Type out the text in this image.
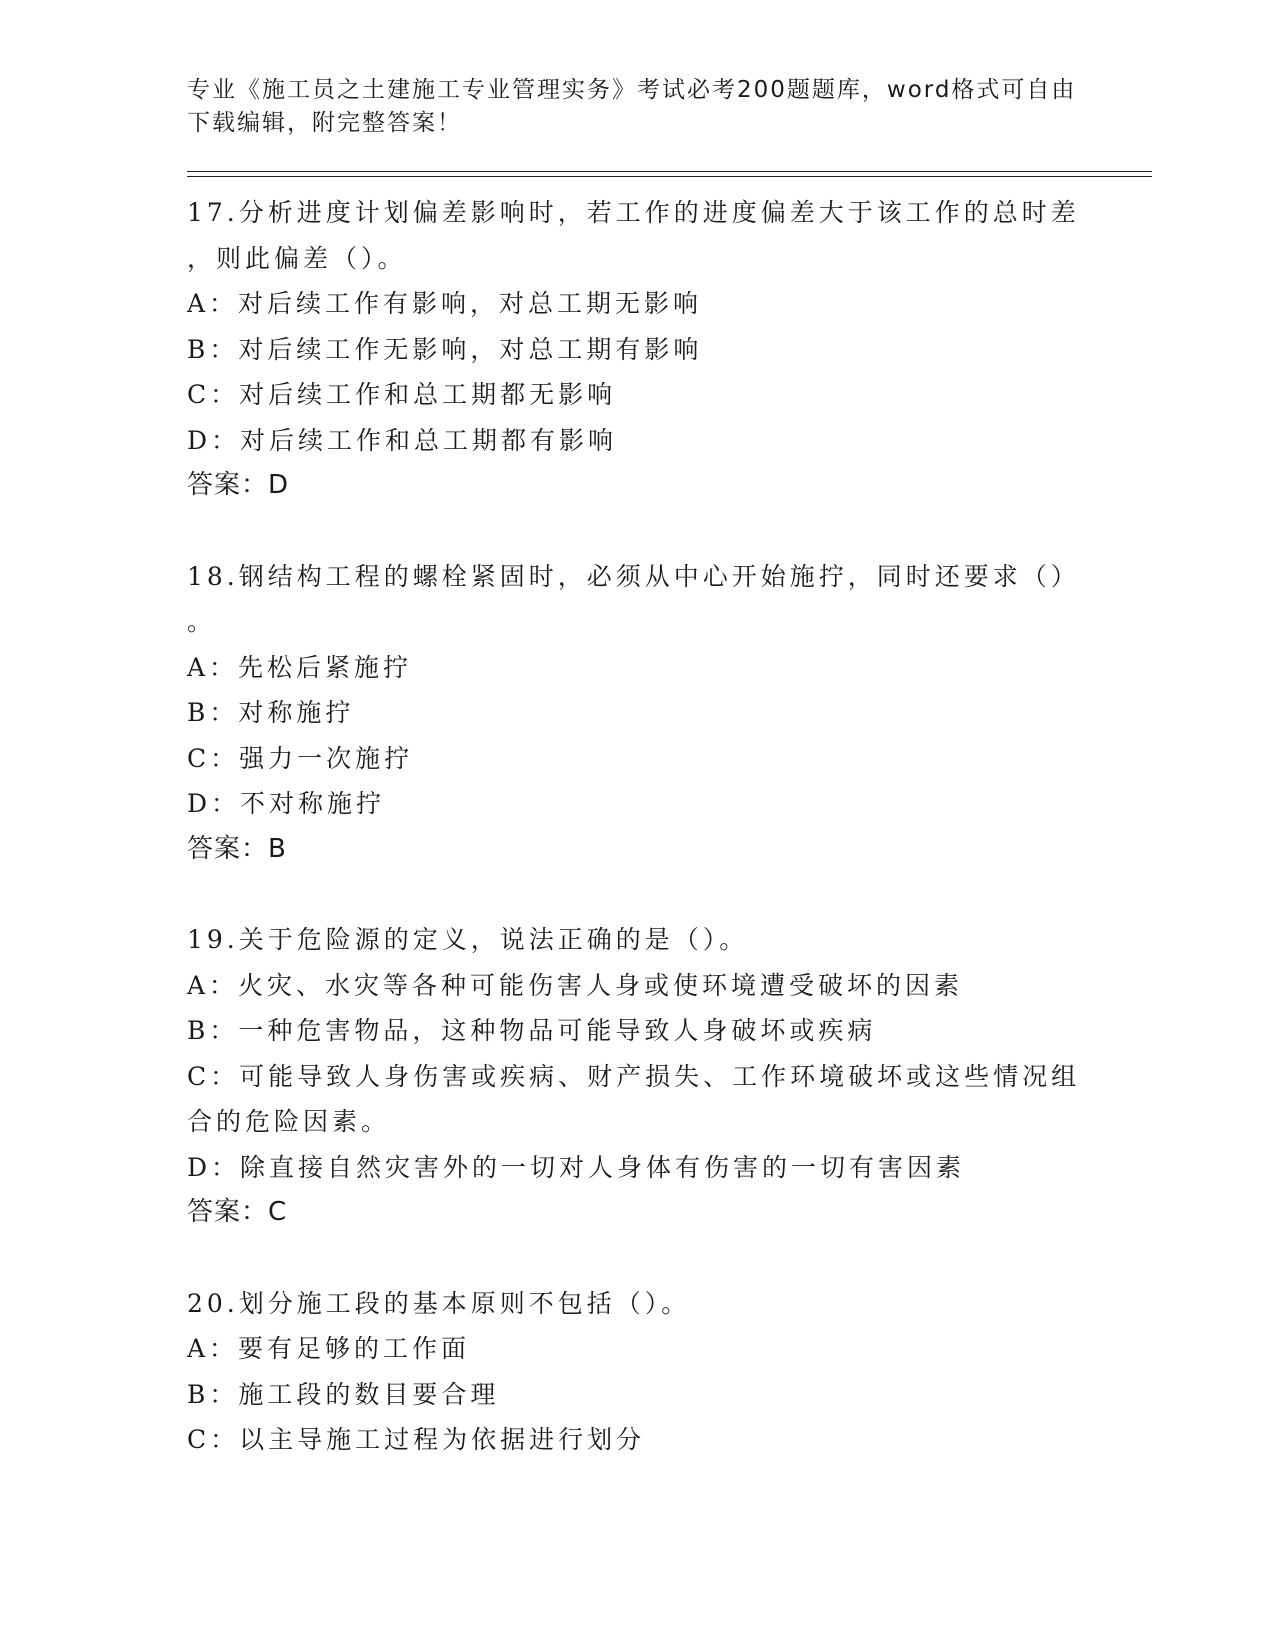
专业《施工员之土建施工专业管理实务》考试必考200题题库，word格式可自由
下载编辑，附完整答案！

17.分析进度计划偏差影响时，若工作的进度偏差大于该工作的总时差

，则此偏差（）。

A：对后续工作有影响，对总工期无影响

B：对后续工作无影响，对总工期有影响

C：对后续工作和总工期都无影响

D：对后续工作和总工期都有影响

答案：D

18.钢结构工程的螺栓紧固时，必须从中心开始施拧，同时还要求（）

。

A：先松后紧施拧

B：对称施拧

C：强力一次施拧

D：不对称施拧

答案：B

19.关于危险源的定义，说法正确的是（）。

A：火灾、水灾等各种可能伤害人身或使环境遭受破坏的因素

B：一种危害物品，这种物品可能导致人身破坏或疾病

C：可能导致人身伤害或疾病、财产损失、工作环境破坏或这些情况组

合的危险因素。

D：除直接自然灾害外的一切对人身体有伤害的一切有害因素

答案：C

20.划分施工段的基本原则不包括（）。

A：要有足够的工作面

B：施工段的数目要合理

C：以主导施工过程为依据进行划分
